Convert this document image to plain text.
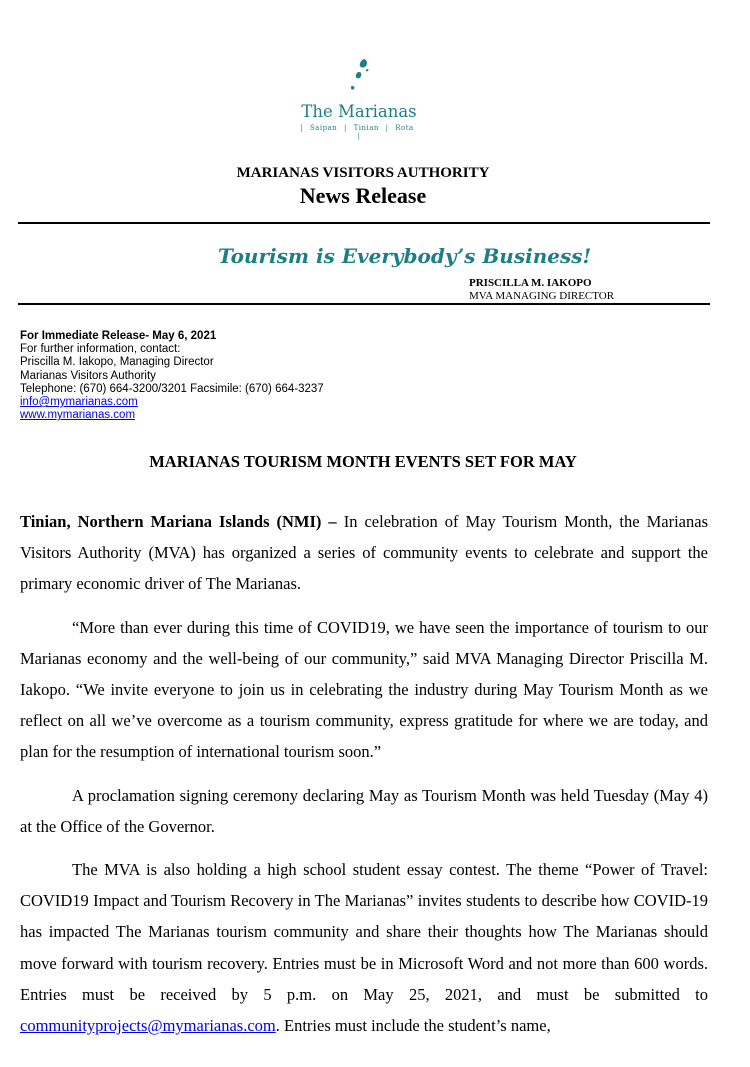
The Marianas
| Saipan | Tinian | Rota |
MARIANAS VISITORS AUTHORITY
News Release
Tourism is Everybody’s Business!
PRISCILLA M. IAKOPO
MVA MANAGING DIRECTOR
For Immediate Release- May 6, 2021
For further information, contact:
Priscilla M. Iakopo, Managing Director
Marianas Visitors Authority
Telephone: (670) 664-3200/3201 Facsimile: (670) 664-3237
info@mymarianas.com
www.mymarianas.com
MARIANAS TOURISM MONTH EVENTS SET FOR MAY

Tinian, Northern Mariana Islands (NMI) – In celebration of May Tourism Month, the Marianas Visitors Authority (MVA) has organized a series of community events to celebrate and support the primary economic driver of The Marianas.

“More than ever during this time of COVID19, we have seen the importance of tourism to our Marianas economy and the well-being of our community,” said MVA Managing Director Priscilla M. Iakopo. “We invite everyone to join us in celebrating the industry during May Tourism Month as we reflect on all we’ve overcome as a tourism community, express gratitude for where we are today, and plan for the resumption of international tourism soon.”

A proclamation signing ceremony declaring May as Tourism Month was held Tuesday (May 4) at the Office of the Governor.

The MVA is also holding a high school student essay contest. The theme “Power of Travel: COVID19 Impact and Tourism Recovery in The Marianas” invites students to describe how COVID-19 has impacted The Marianas tourism community and share their thoughts how The Marianas should move forward with tourism recovery. Entries must be in Microsoft Word and not more than 600 words. Entries must be received by 5 p.m. on May 25, 2021, and must be submitted to communityprojects@mymarianas.com. Entries must include the student’s name,
